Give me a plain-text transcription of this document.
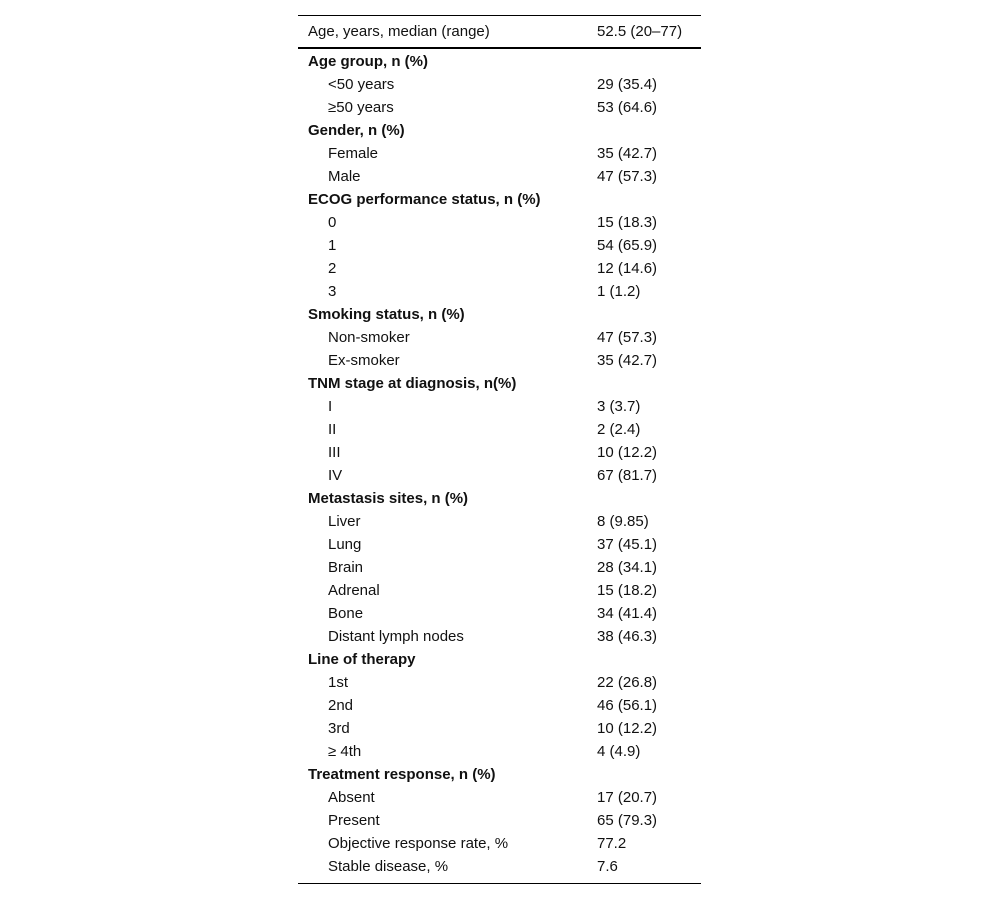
Age, years, median (range)	52.5 (20–77)
Age group, n (%)
<50 years	29 (35.4)
≥50 years	53 (64.6)
Gender, n (%)
Female	35 (42.7)
Male	47 (57.3)
ECOG performance status, n (%)
0	15 (18.3)
1	54 (65.9)
2	12 (14.6)
3	1 (1.2)
Smoking status, n (%)
Non-smoker	47 (57.3)
Ex-smoker	35 (42.7)
TNM stage at diagnosis, n(%)
I	3 (3.7)
II	2 (2.4)
III	10 (12.2)
IV	67 (81.7)
Metastasis sites, n (%)
Liver	8 (9.85)
Lung	37 (45.1)
Brain	28 (34.1)
Adrenal	15 (18.2)
Bone	34 (41.4)
Distant lymph nodes	38 (46.3)
Line of therapy
1st	22 (26.8)
2nd	46 (56.1)
3rd	10 (12.2)
≥ 4th	4 (4.9)
Treatment response, n (%)
Absent	17 (20.7)
Present	65 (79.3)
Objective response rate, %	77.2
Stable disease, %	7.6
